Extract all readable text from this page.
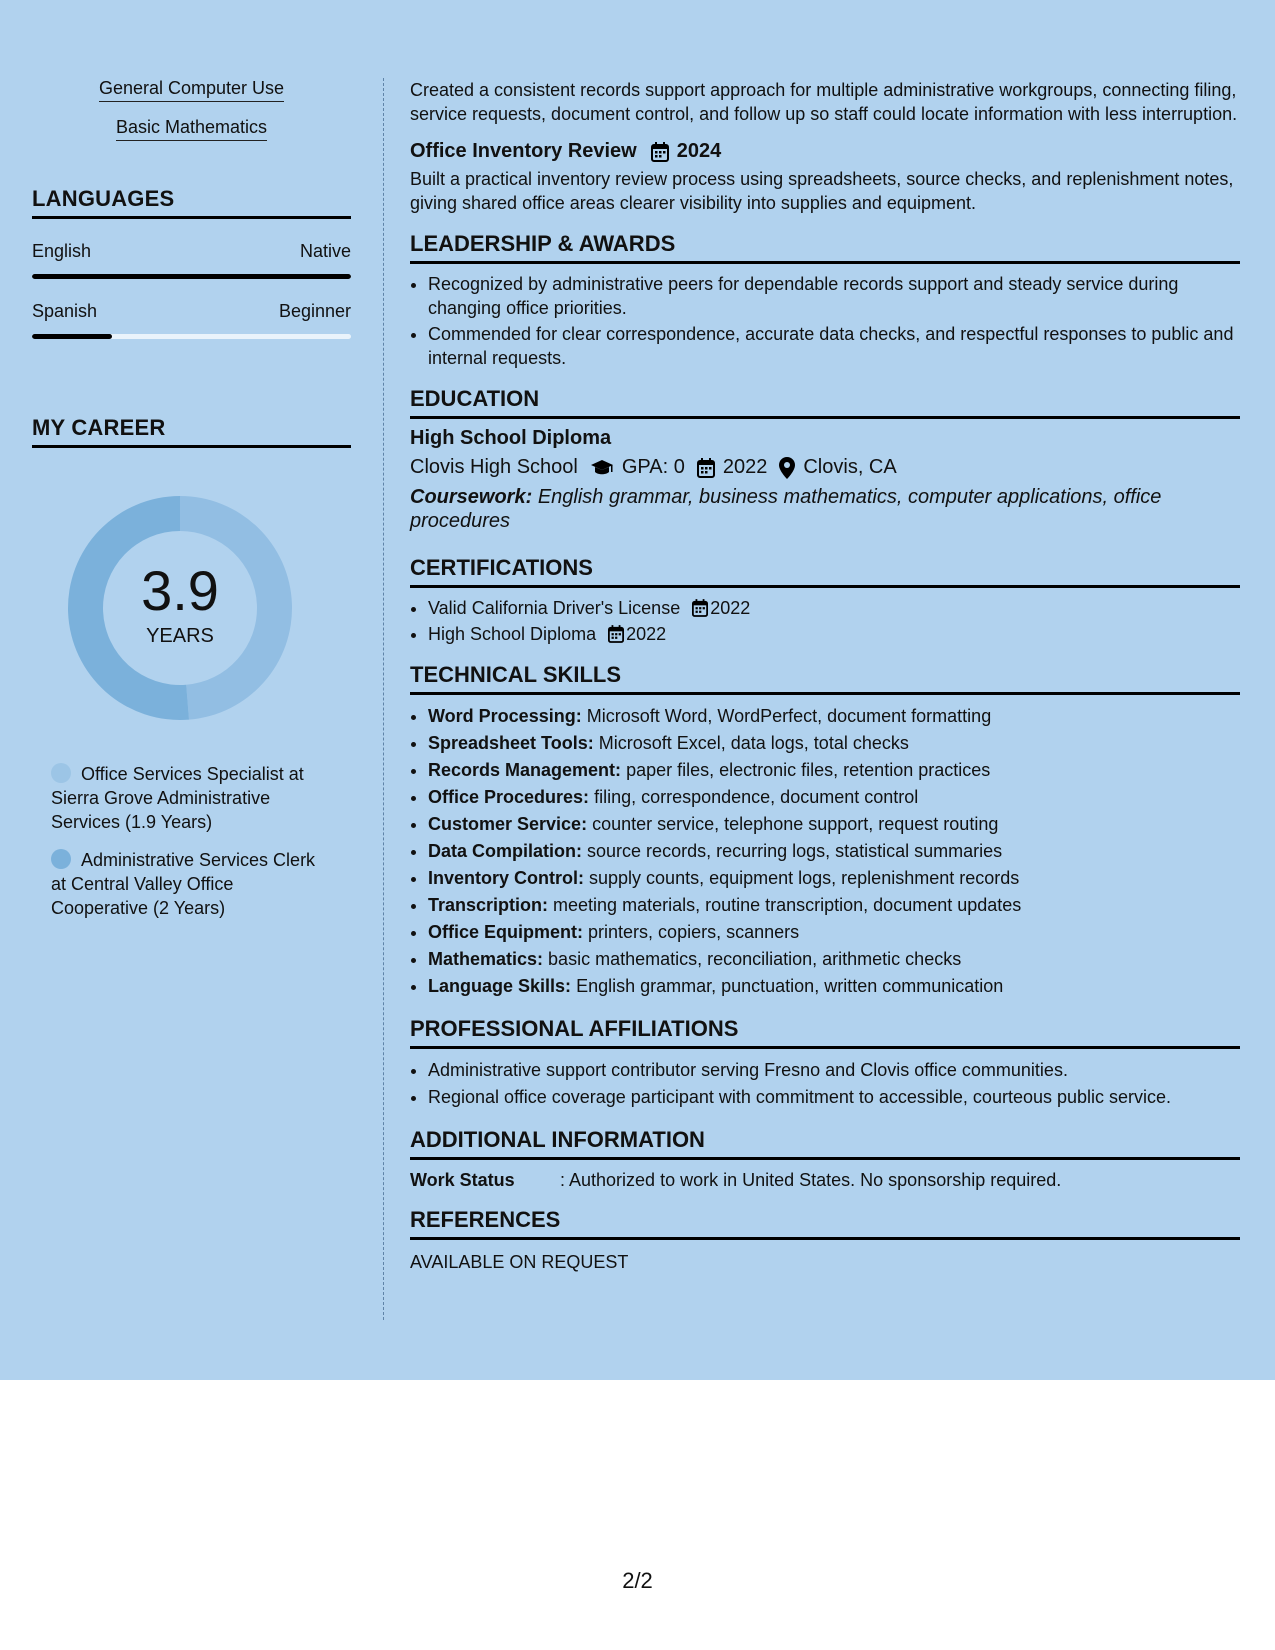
General Computer Use
Basic Mathematics
LANGUAGES
English	Native
Spanish	Beginner
MY CAREER
3.9
YEARS
Office Services Specialist at Sierra Grove Administrative Services (1.9 Years)
Administrative Services Clerk at Central Valley Office Cooperative (2 Years)

Created a consistent records support approach for multiple administrative workgroups, connecting filing, service requests, document control, and follow up so staff could locate information with less interruption.

Office Inventory Review 2024

Built a practical inventory review process using spreadsheets, source checks, and replenishment notes, giving shared office areas clearer visibility into supplies and equipment.

LEADERSHIP & AWARDS
• Recognized by administrative peers for dependable records support and steady service during changing office priorities.
• Commended for clear correspondence, accurate data checks, and respectful responses to public and internal requests.
EDUCATION
High School Diploma
Clovis High School GPA: 0 2022 Clovis, CA
Coursework: English grammar, business mathematics, computer applications, office procedures
CERTIFICATIONS
• Valid California Driver's License 2022
• High School Diploma 2022
TECHNICAL SKILLS
• Word Processing: Microsoft Word, WordPerfect, document formatting
• Spreadsheet Tools: Microsoft Excel, data logs, total checks
• Records Management: paper files, electronic files, retention practices
• Office Procedures: filing, correspondence, document control
• Customer Service: counter service, telephone support, request routing
• Data Compilation: source records, recurring logs, statistical summaries
• Inventory Control: supply counts, equipment logs, replenishment records
• Transcription: meeting materials, routine transcription, document updates
• Office Equipment: printers, copiers, scanners
• Mathematics: basic mathematics, reconciliation, arithmetic checks
• Language Skills: English grammar, punctuation, written communication
PROFESSIONAL AFFILIATIONS
• Administrative support contributor serving Fresno and Clovis office communities.
• Regional office coverage participant with commitment to accessible, courteous public service.
ADDITIONAL INFORMATION
Work Status	: Authorized to work in United States. No sponsorship required.
REFERENCES
AVAILABLE ON REQUEST
2/2
